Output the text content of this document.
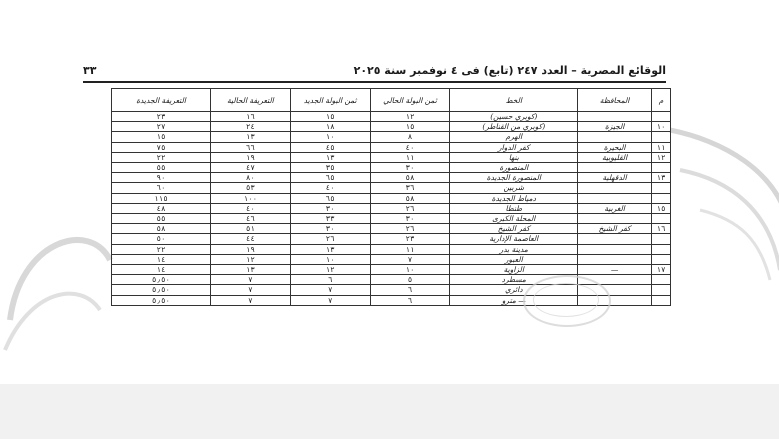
الوقائع المصرية – العدد ٢٤٧ (تابع) فى ٤ نوفمبر سنة ٢٠٢٥
٣٣
م	المحافظة	الخط	ثمن البولة الحالي	ثمن البولة الجديد	التعريفة الحالية	التعريفة الجديدة
		(كوبري حسين)	١٢	١٥	١٦	٢٣
١٠	الجيزة	(كوبري من القناطر)	١٥	١٨	٢٤	٢٧
		الهرم	٨	١٠	١٣	١٥
١١	البحيرة	كفر الدوار	٤٠	٤٥	٦٦	٧٥
١٢	القليوبية	بنها	١١	١٣	١٩	٢٢
		المنصورة	٣٠	٣٥	٤٧	٥٥
١٣	الدقهلية	المنصورة الجديدة	٥٨	٦٥	٨٠	٩٠
		شربين	٣٦	٤٠	٥٣	٦٠
		دمياط الجديدة	٥٨	٦٥	١٠٠	١١٥
١٥	الغربية	طنطا	٢٦	٣٠	٤٠	٤٨
		المحلة الكبرى	٣٠	٣٣	٤٦	٥٥
١٦	كفر الشيخ	كفر الشيخ	٢٦	٣٠	٥١	٥٨
		العاصمة الإدارية	٢٣	٢٦	٤٤	٥٠
		مدينة بدر	١١	١٣	١٩	٢٢
		العبور	٧	١٠	١٢	١٤
١٧	—	الزاوية	١٠	١٢	١٣	١٤
		مسطرد	٥	٦	٧	٥٫٥٠
		دائري	٦	٧	٧	٥٫٥٠
		— مترو	٦	٧	٧	٥٫٥٠
